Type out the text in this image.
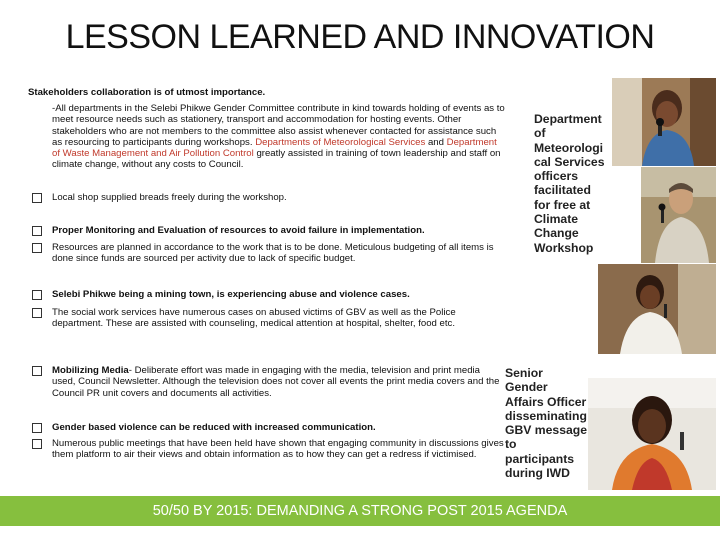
LESSON LEARNED AND INNOVATION
Stakeholders collaboration is of utmost importance.
-All departments in the Selebi Phikwe Gender Committee contribute in kind towards holding of events as to meet resource needs such as stationery, transport and accommodation for hosting events. Other stakeholders who are not members to the committee also assist whenever contacted for assistance such as resourcing to participants during workshops. Departments of Meteorological Services and Department of Waste Management and Air Pollution Control greatly assisted in training of town leadership and staff on climate change, without any costs to Council.
Local shop supplied breads freely during the workshop.
Proper Monitoring and Evaluation of resources to avoid failure in implementation.
Resources are planned in accordance to the work that is to be done. Meticulous budgeting of all items is done since funds are sourced per activity due to lack of specific budget.
Selebi Phikwe being a mining town, is experiencing abuse and violence cases.
The social work services have numerous cases on abused victims of GBV as well as the Police department. These are assisted with counseling, medical attention at hospital, shelter, food etc.
Mobilizing Media- Deliberate effort was made in engaging with the media, television and print media used, Council Newsletter. Although the television does not cover all events the print media covers and the Council PR unit covers and documents all activities.
Gender based violence can be reduced with increased communication.
Numerous public meetings that have been held have shown that engaging community in discussions gives them platform to air their views and obtain information as to how they can get a redress if victimised.
Department of Meteorologi cal Services officers facilitated for free at Climate Change Workshop
Senior Gender Affairs Officer disseminating GBV message to participants during IWD
50/50 BY 2015: DEMANDING A STRONG POST 2015 AGENDA
